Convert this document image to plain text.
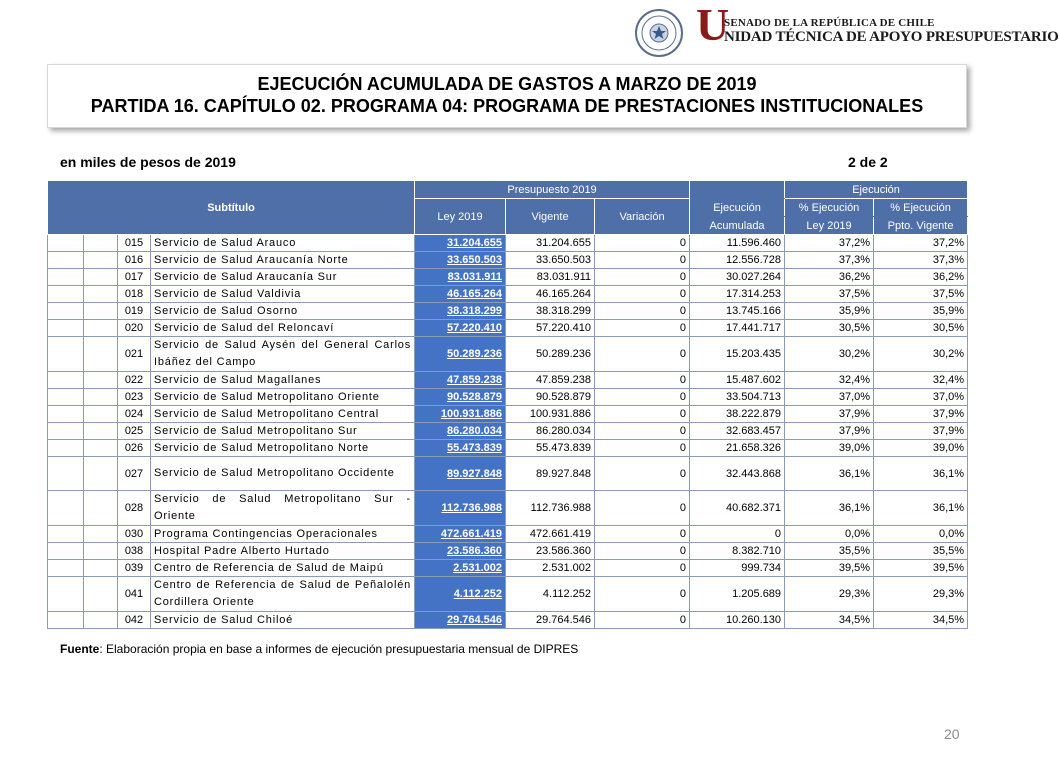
U
SENADO DE LA REPÚBLICA DE CHILE
NIDAD TÉCNICA DE APOYO PRESUPUESTARIO
EJECUCIÓN ACUMULADA DE GASTOS A MARZO DE 2019
PARTIDA 16. CAPÍTULO 02. PROGRAMA 04: PROGRAMA DE PRESTACIONES INSTITUCIONALES
en miles de pesos de 2019	2 de 2
Subtítulo				Presupuesto 2019				Ejecución	
				Ley 2019	Vigente	Variación	Ejecución	% Ejecución	% Ejecución
							Acumulada	Ley 2019	Ppto. Vigente
		015	Servicio de Salud Arauco	31.204.655	31.204.655	0	11.596.460	37,2%	37,2%
		016	Servicio de Salud Araucanía Norte	33.650.503	33.650.503	0	12.556.728	37,3%	37,3%
		017	Servicio de Salud Araucanía Sur	83.031.911	83.031.911	0	30.027.264	36,2%	36,2%
		018	Servicio de Salud Valdivia	46.165.264	46.165.264	0	17.314.253	37,5%	37,5%
		019	Servicio de Salud Osorno	38.318.299	38.318.299	0	13.745.166	35,9%	35,9%
		020	Servicio de Salud del Reloncaví	57.220.410	57.220.410	0	17.441.717	30,5%	30,5%
		021	Servicio de Salud Aysén del General Carlos Ibáñez del Campo	50.289.236	50.289.236	0	15.203.435	30,2%	30,2%
		022	Servicio de Salud Magallanes	47.859.238	47.859.238	0	15.487.602	32,4%	32,4%
		023	Servicio de Salud Metropolitano Oriente	90.528.879	90.528.879	0	33.504.713	37,0%	37,0%
		024	Servicio de Salud Metropolitano Central	100.931.886	100.931.886	0	38.222.879	37,9%	37,9%
		025	Servicio de Salud Metropolitano Sur	86.280.034	86.280.034	0	32.683.457	37,9%	37,9%
		026	Servicio de Salud Metropolitano Norte	55.473.839	55.473.839	0	21.658.326	39,0%	39,0%
		027	Servicio de Salud Metropolitano Occidente	89.927.848	89.927.848	0	32.443.868	36,1%	36,1%
		028	Servicio de Salud Metropolitano Sur - Oriente	112.736.988	112.736.988	0	40.682.371	36,1%	36,1%
		030	Programa Contingencias Operacionales	472.661.419	472.661.419	0	0	0,0%	0,0%
		038	Hospital Padre Alberto Hurtado	23.586.360	23.586.360	0	8.382.710	35,5%	35,5%
		039	Centro de Referencia de Salud de Maipú	2.531.002	2.531.002	0	999.734	39,5%	39,5%
		041	Centro de Referencia de Salud de Peñalolén Cordillera Oriente	4.112.252	4.112.252	0	1.205.689	29,3%	29,3%
		042	Servicio de Salud Chiloé	29.764.546	29.764.546	0	10.260.130	34,5%	34,5%
Fuente: Elaboración propia en base a informes de ejecución presupuestaria mensual de DIPRES
20
